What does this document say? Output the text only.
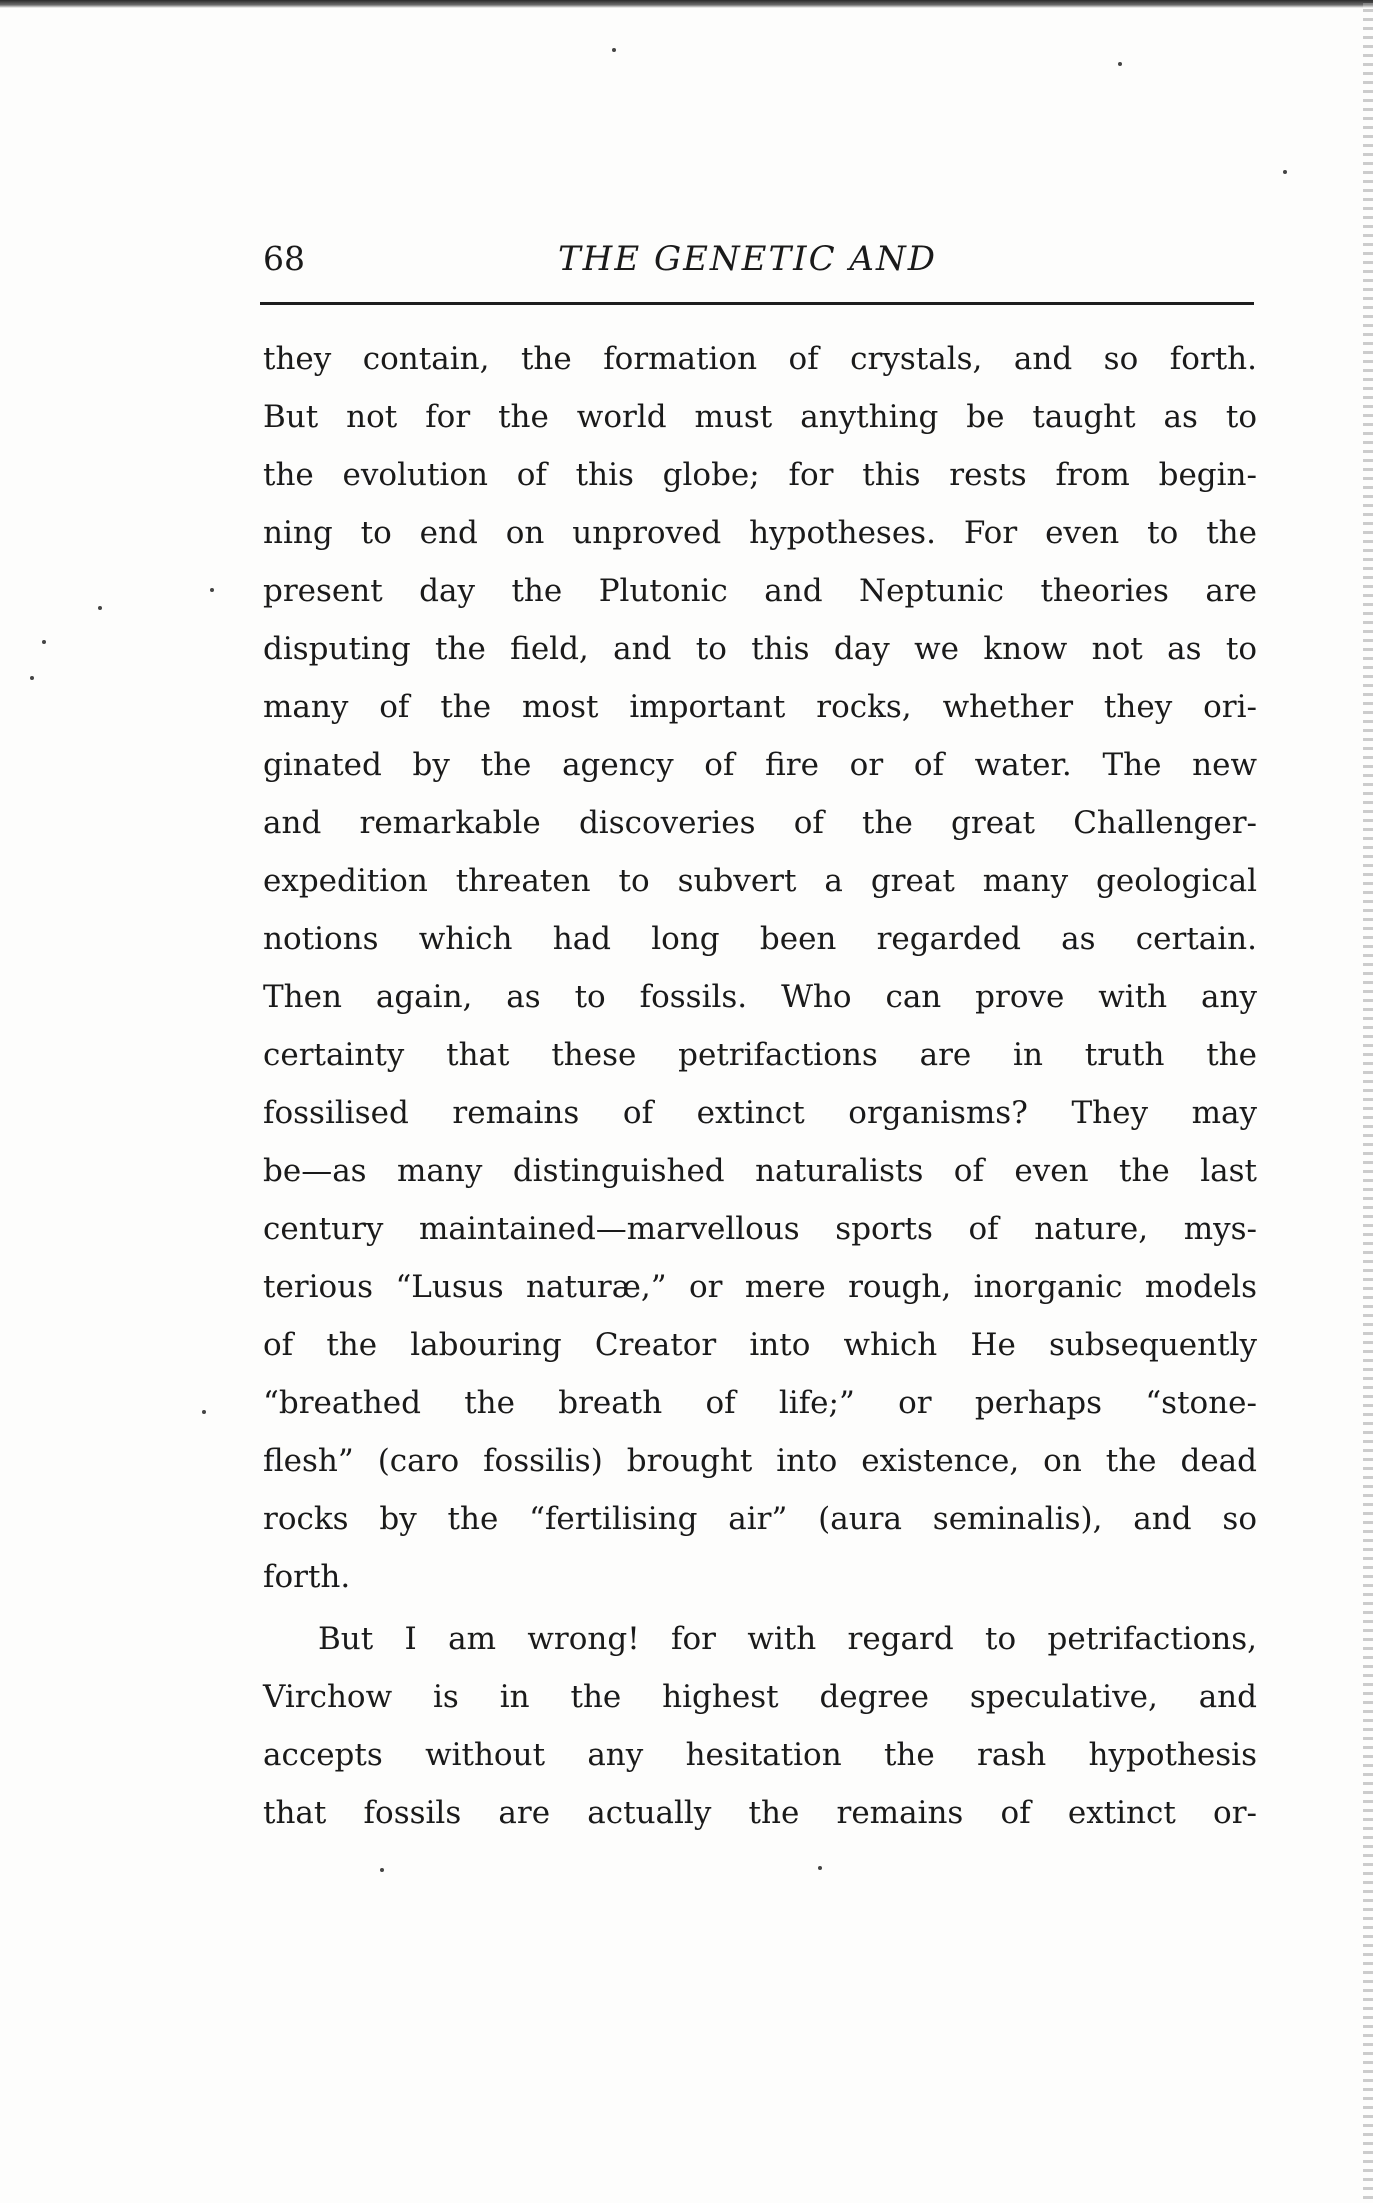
68	THE GENETIC AND
they contain, the formation of crystals, and so forth.
But not for the world must anything be taught as to
the evolution of this globe; for this rests from begin-
ning to end on unproved hypotheses. For even to the
present day the Plutonic and Neptunic theories are
disputing the field, and to this day we know not as to
many of the most important rocks, whether they ori-
ginated by the agency of fire or of water. The new
and remarkable discoveries of the great Challenger-
expedition threaten to subvert a great many geological
notions which had long been regarded as certain.
Then again, as to fossils. Who can prove with any
certainty that these petrifactions are in truth the
fossilised remains of extinct organisms? They may
be—as many distinguished naturalists of even the last
century maintained—marvellous sports of nature, mys-
terious “Lusus naturæ,” or mere rough, inorganic models
of the labouring Creator into which He subsequently
“breathed the breath of life;” or perhaps “stone-
flesh” (caro fossilis) brought into existence, on the dead
rocks by the “fertilising air” (aura seminalis), and so
forth.
But I am wrong! for with regard to petrifactions,
Virchow is in the highest degree speculative, and
accepts without any hesitation the rash hypothesis
that fossils are actually the remains of extinct or-
